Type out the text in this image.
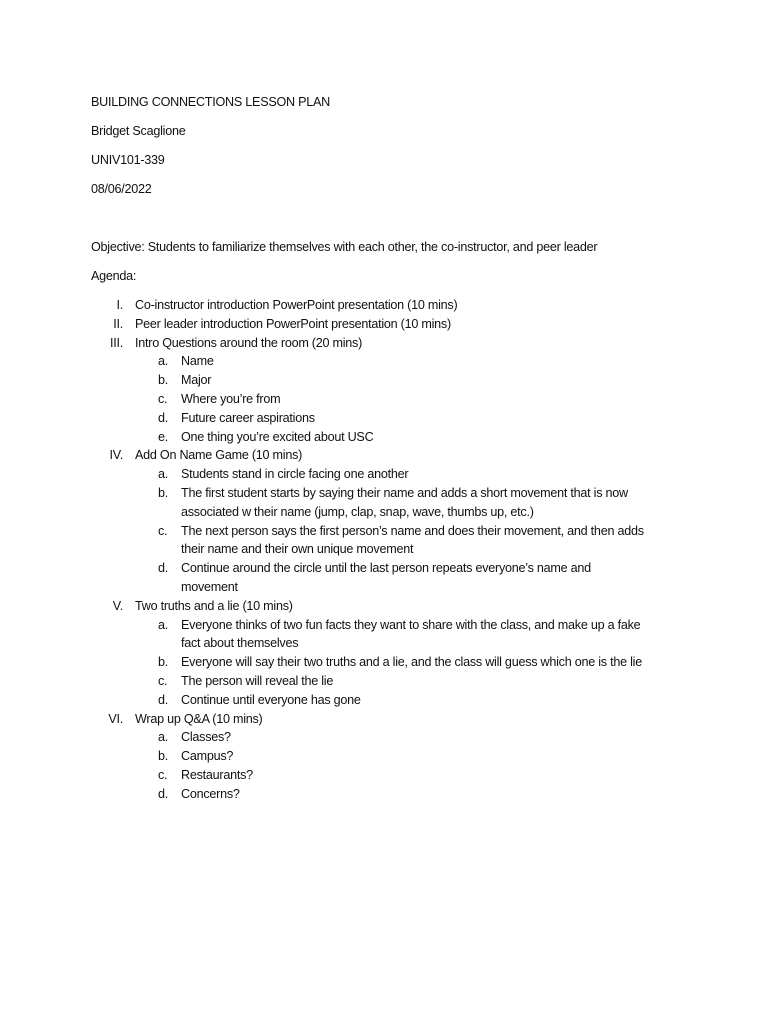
BUILDING CONNECTIONS LESSON PLAN
Bridget Scaglione
UNIV101-339
08/06/2022
Objective: Students to familiarize themselves with each other, the co-instructor, and peer leader
Agenda:
I. Co-instructor introduction PowerPoint presentation (10 mins)
II. Peer leader introduction PowerPoint presentation (10 mins)
III. Intro Questions around the room (20 mins)
a. Name
b. Major
c. Where you’re from
d. Future career aspirations
e. One thing you’re excited about USC
IV. Add On Name Game (10 mins)
a. Students stand in circle facing one another
b. The first student starts by saying their name and adds a short movement that is now
associated w their name (jump, clap, snap, wave, thumbs up, etc.)
c. The next person says the first person’s name and does their movement, and then adds
their name and their own unique movement
d. Continue around the circle until the last person repeats everyone’s name and
movement
V. Two truths and a lie (10 mins)
a. Everyone thinks of two fun facts they want to share with the class, and make up a fake
fact about themselves
b. Everyone will say their two truths and a lie, and the class will guess which one is the lie
c. The person will reveal the lie
d. Continue until everyone has gone
VI. Wrap up Q&A (10 mins)
a. Classes?
b. Campus?
c. Restaurants?
d. Concerns?
